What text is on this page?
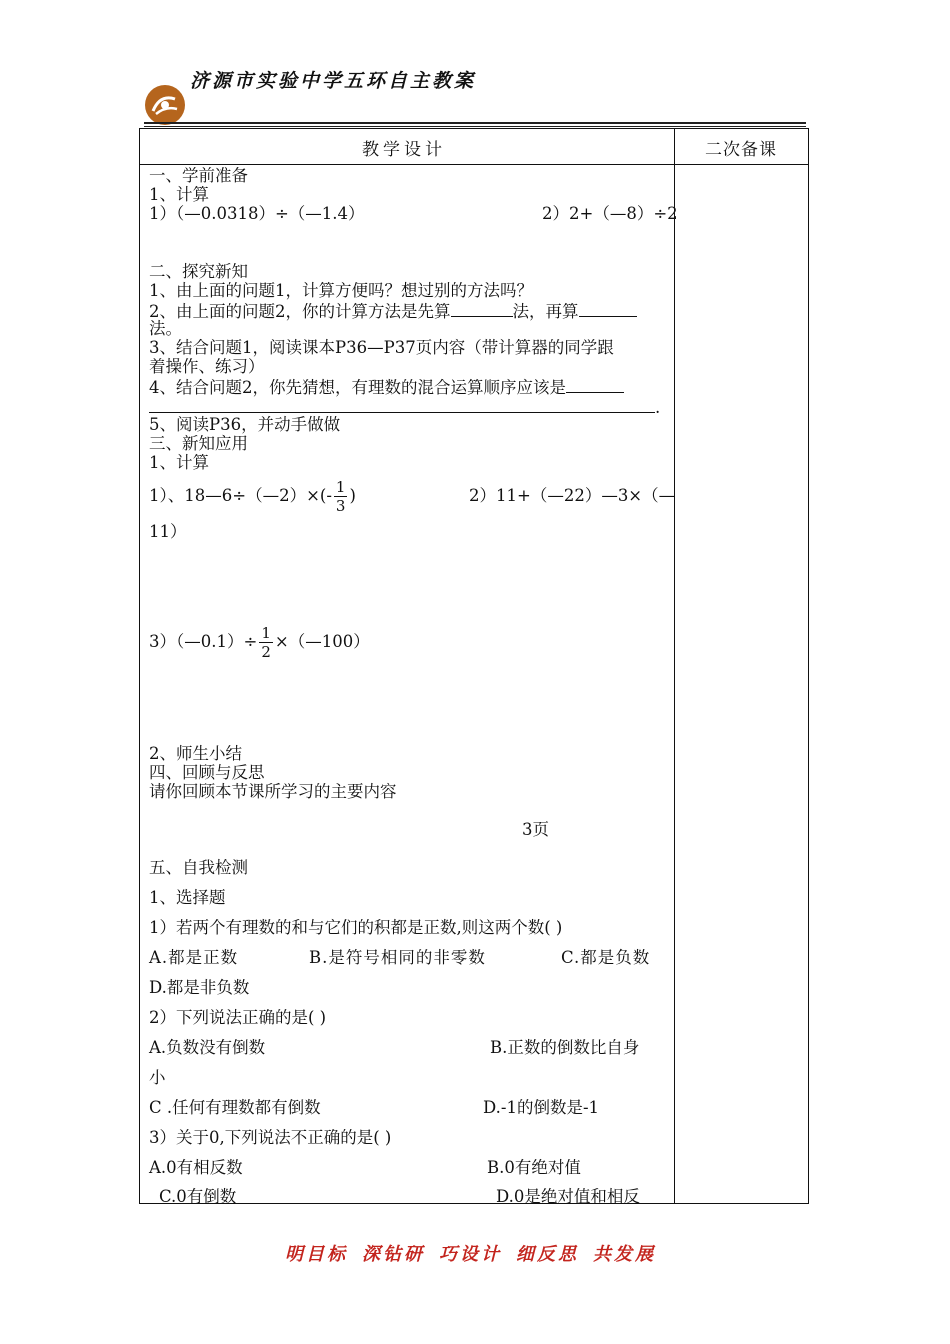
济源市实验中学五环自主教案
教学设计	二次备课
一、学前准备
1、计算
1）（—0.0318）÷（—1.4）	2）2+（—8）÷2
二、探究新知
1、由上面的问题1，计算方便吗？想过别的方法吗？
2、由上面的问题2，你的计算方法是先算	法，再算
法。
3、结合问题1，阅读课本P36—P37页内容（带计算器的同学跟
着操作、练习）
4、结合问题2，你先猜想，有理数的混合运算顺序应该是
.
5、阅读P36，并动手做做
三、新知应用
1、计算
1）、18—6÷（—2）×(- $\frac{1}{3}$ )	2）11+（—22）—3×（—
11）
3）（—0.1）÷ $\frac{1}{2}$ ×（—100）
2、师生小结
四、回顾与反思
请你回顾本节课所学习的主要内容
3页
五、自我检测
1、选择题
1）若两个有理数的和与它们的积都是正数,则这两个数( )
A.都是正数	B.是符号相同的非零数	C.都是负数
D.都是非负数
2）下列说法正确的是( )
A.负数没有倒数	B.正数的倒数比自身
小
C .任何有理数都有倒数	D.-1的倒数是-1
3）关于0,下列说法不正确的是( )
A.0有相反数	B.0有绝对值
C.0有倒数	D.0是绝对值和相反
明目标 深钻研 巧设计 细反思 共发展
